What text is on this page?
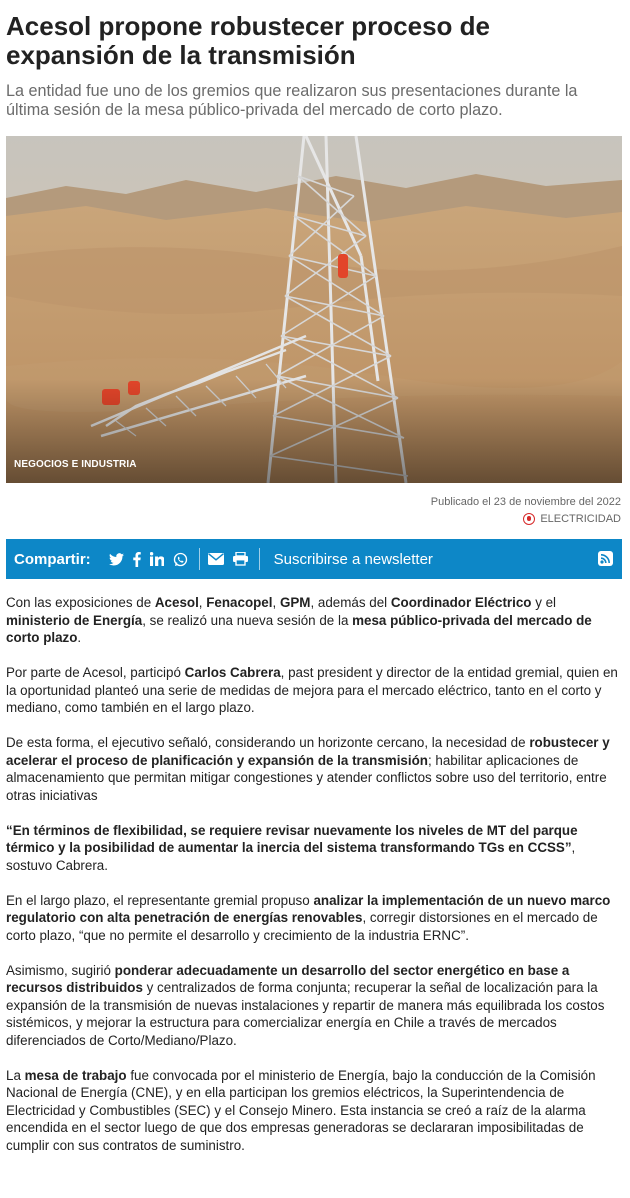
Acesol propone robustecer proceso de expansión de la transmisión

La entidad fue uno de los gremios que realizaron sus presentaciones durante la última sesión de la mesa público-privada del mercado de corto plazo.

NEGOCIOS E INDUSTRIA
Publicado el 23 de noviembre del 2022
ELECTRICIDAD
Compartir:	Suscribirse a newsletter

Con las exposiciones de Acesol, Fenacopel, GPM, además del Coordinador Eléctrico y el ministerio de Energía, se realizó una nueva sesión de la mesa público-privada del mercado de corto plazo.

Por parte de Acesol, participó Carlos Cabrera, past president y director de la entidad gremial, quien en la oportunidad planteó una serie de medidas de mejora para el mercado eléctrico, tanto en el corto y mediano, como también en el largo plazo.

De esta forma, el ejecutivo señaló, considerando un horizonte cercano, la necesidad de robustecer y acelerar el proceso de planificación y expansión de la transmisión; habilitar aplicaciones de almacenamiento que permitan mitigar congestiones y atender conflictos sobre uso del territorio, entre otras iniciativas

“En términos de flexibilidad, se requiere revisar nuevamente los niveles de MT del parque térmico y la posibilidad de aumentar la inercia del sistema transformando TGs en CCSS”, sostuvo Cabrera.

En el largo plazo, el representante gremial propuso analizar la implementación de un nuevo marco regulatorio con alta penetración de energías renovables, corregir distorsiones en el mercado de corto plazo, “que no permite el desarrollo y crecimiento de la industria ERNC”.

Asimismo, sugirió ponderar adecuadamente un desarrollo del sector energético en base a recursos distribuidos y centralizados de forma conjunta; recuperar la señal de localización para la expansión de la transmisión de nuevas instalaciones y repartir de manera más equilibrada los costos sistémicos, y mejorar la estructura para comercializar energía en Chile a través de mercados diferenciados de Corto/Mediano/Plazo.

La mesa de trabajo fue convocada por el ministerio de Energía, bajo la conducción de la Comisión Nacional de Energía (CNE), y en ella participan los gremios eléctricos, la Superintendencia de Electricidad y Combustibles (SEC) y el Consejo Minero. Esta instancia se creó a raíz de la alarma encendida en el sector luego de que dos empresas generadoras se declararan imposibilitadas de cumplir con sus contratos de suministro.
